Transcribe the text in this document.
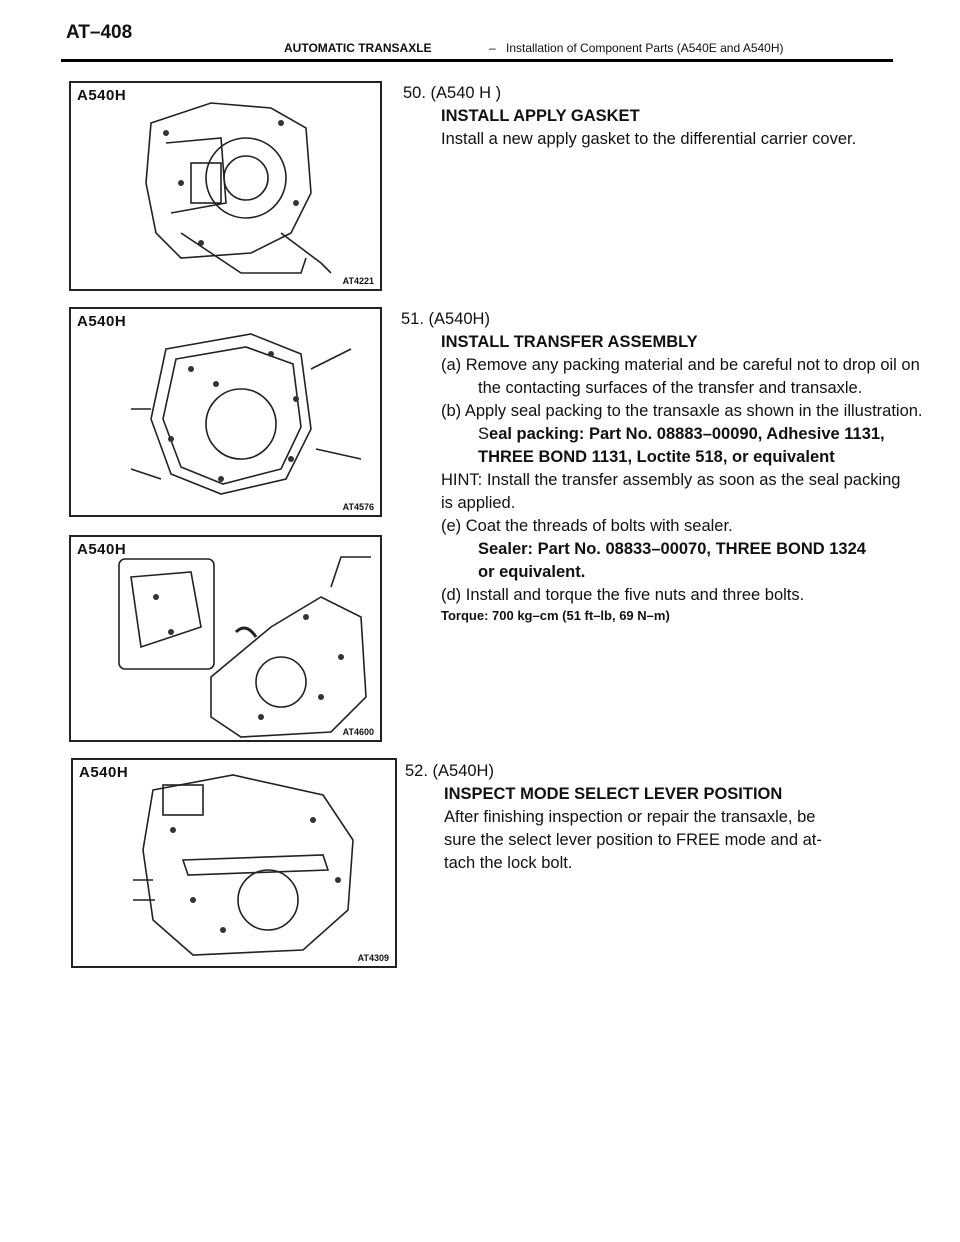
AT–408
AUTOMATIC TRANSAXLE	– Installation of Component Parts (A540E and A540H)
A540H
AT4221
A540H
AT4576
A540H
AT4600
A540H
AT4309
50. (A540 H )
INSTALL APPLY GASKET
Install a new apply gasket to the differential carrier cover.
51. (A540H)
INSTALL TRANSFER ASSEMBLY
(a) Remove any packing material and be careful not to drop oil on
the contacting surfaces of the transfer and transaxle.
(b) Apply seal packing to the transaxle as shown in the illustration.
Seal packing: Part No. 08883–00090, Adhesive 1131,
THREE BOND 1131, Loctite 518, or equivalent
HINT: Install the transfer assembly as soon as the seal packing
is applied.
(e) Coat the threads of bolts with sealer.
Sealer: Part No. 08833–00070, THREE BOND 1324
or equivalent.
(d) Install and torque the five nuts and three bolts.
Torque: 700 kg–cm (51 ft–lb, 69 N–m)
52. (A540H)
INSPECT MODE SELECT LEVER POSITION
After finishing inspection or repair the transaxle, be
sure the select lever position to FREE mode and at-
tach the lock bolt.
